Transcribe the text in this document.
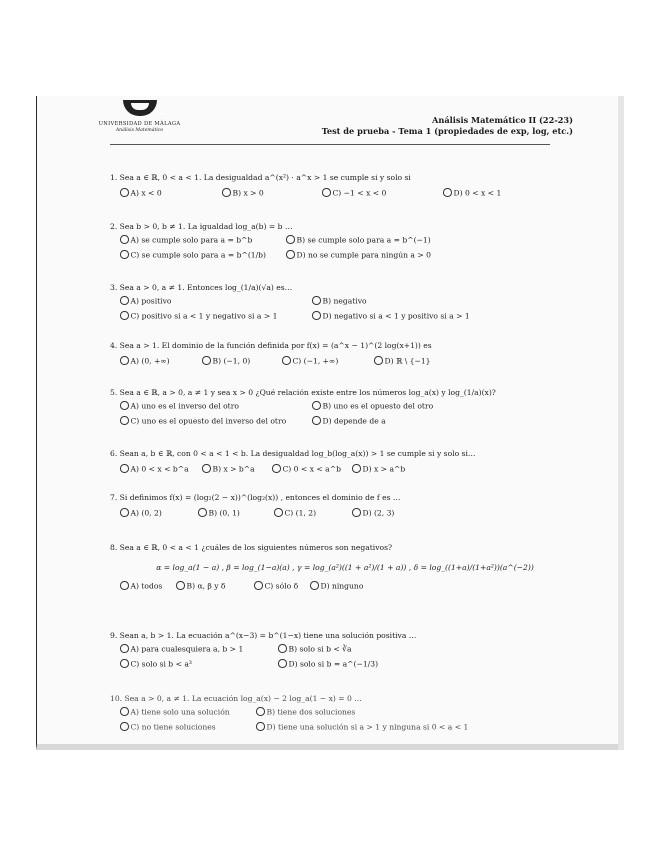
UNIVERSIDAD DE MÁLAGA
Análisis Matemático
Análisis Matemático II (22-23)
Test de prueba - Tema 1 (propiedades de exp, log, etc.)
1. Sea a ∈ ℝ, 0 < a < 1. La desigualdad a^(x²) · a^x > 1 se cumple si y solo si
A) x < 0	B) x > 0	C) −1 < x < 0	D) 0 < x < 1
2. Sea b > 0, b ≠ 1. La igualdad log_a(b) = b …
A) se cumple solo para a = b^b	B) se cumple solo para a = b^(−1)
C) se cumple solo para a = b^(1/b)	D) no se cumple para ningún a > 0
3. Sea a > 0, a ≠ 1. Entonces log_(1/a)(√a) es…
A) positivo	B) negativo
C) positivo si a < 1 y negativo si a > 1	D) negativo si a < 1 y positivo si a > 1
4. Sea a > 1. El dominio de la función definida por f(x) = (a^x − 1)^(2 log(x+1)) es
A) (0, +∞)	B) (−1, 0)	C) (−1, +∞)	D) ℝ \ {−1}
5. Sea a ∈ ℝ, a > 0, a ≠ 1 y sea x > 0 ¿Qué relación existe entre los números log_a(x) y log_(1/a)(x)?
A) uno es el inverso del otro	B) uno es el opuesto del otro
C) uno es el opuesto del inverso del otro	D) depende de a
6. Sean a, b ∈ ℝ, con 0 < a < 1 < b. La desigualdad log_b(log_a(x)) > 1 se cumple si y solo si…
A) 0 < x < b^a	B) x > b^a	C) 0 < x < a^b	D) x > a^b
7. Si definimos f(x) = (log₂(2 − x))^(log₂(x)) , entonces el dominio de f es …
A) (0, 2)	B) (0, 1)	C) (1, 2)	D) (2, 3)
8. Sea a ∈ ℝ, 0 < a < 1 ¿cuáles de los siguientes números son negativos?
α = log_a(1 − a) , β = log_(1−a)(a) , γ = log_(a²)((1 + a²)/(1 + a)) , δ = log_((1+a)/(1+a²))(a^(−2))
A) todos	B) α, β y δ	C) sólo δ	D) ninguno
9. Sean a, b > 1. La ecuación a^(x−3) = b^(1−x) tiene una solución positiva …
A) para cualesquiera a, b > 1	B) solo si b < ∛a
C) solo si b < a³	D) solo si b = a^(−1/3)
10. Sea a > 0, a ≠ 1. La ecuación log_a(x) − 2 log_a(1 − x) = 0 …
A) tiene solo una solución	B) tiene dos soluciones
C) no tiene soluciones	D) tiene una solución si a > 1 y ninguna si 0 < a < 1
